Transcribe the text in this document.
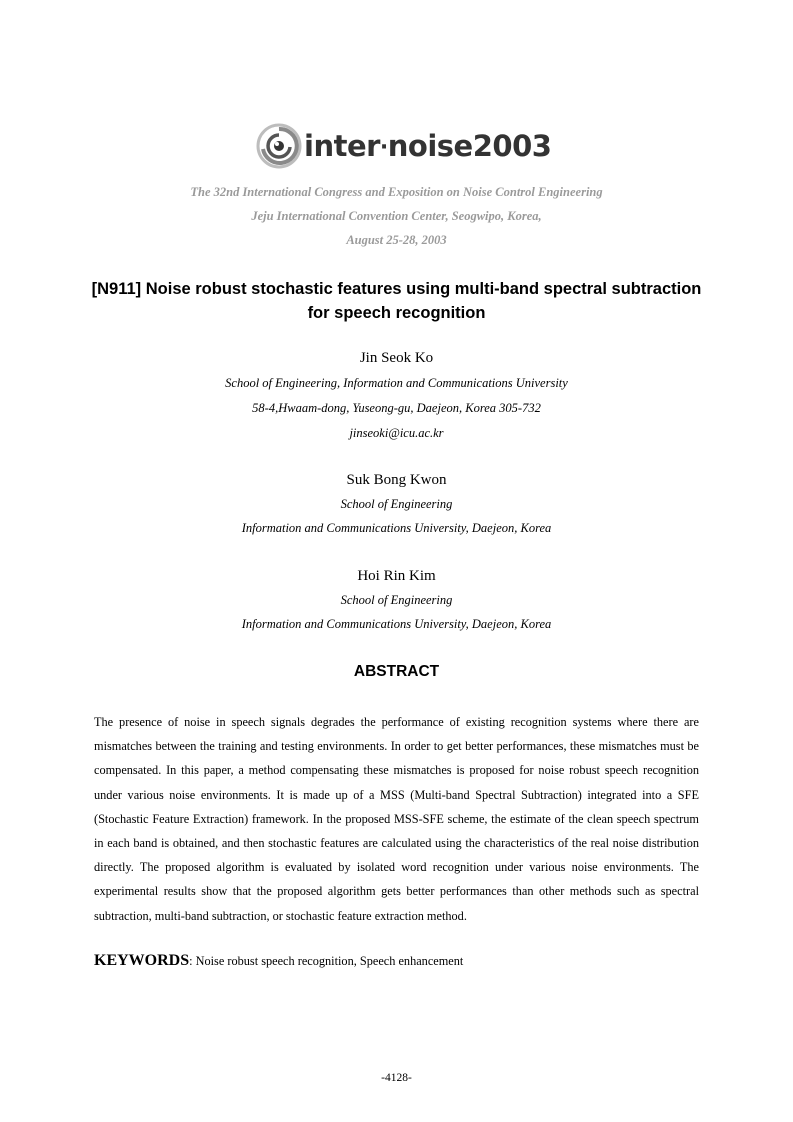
inter·noise2003
The 32nd International Congress and Exposition on Noise Control Engineering
Jeju International Convention Center, Seogwipo, Korea,
August 25-28, 2003
[N911] Noise robust stochastic features using multi-band spectral subtraction
for speech recognition
Jin Seok Ko
School of Engineering, Information and Communications University
58-4,Hwaam-dong, Yuseong-gu, Daejeon, Korea 305-732
jinseoki@icu.ac.kr
Suk Bong Kwon
School of Engineering
Information and Communications University, Daejeon, Korea
Hoi Rin Kim
School of Engineering
Information and Communications University, Daejeon, Korea
ABSTRACT
The presence of noise in speech signals degrades the performance of existing recognition systems where there are mismatches between the training and testing environments. In order to get better performances, these mismatches must be compensated. In this paper, a method compensating these mismatches is proposed for noise robust speech recognition under various noise environments. It is made up of a MSS (Multi-band Spectral Subtraction) integrated into a SFE (Stochastic Feature Extraction) framework. In the proposed MSS-SFE scheme, the estimate of the clean speech spectrum in each band is obtained, and then stochastic features are calculated using the characteristics of the real noise distribution directly. The proposed algorithm is evaluated by isolated word recognition under various noise environments. The experimental results show that the proposed algorithm gets better performances than other methods such as spectral subtraction, multi-band subtraction, or stochastic feature extraction method.
KEYWORDS: Noise robust speech recognition, Speech enhancement
-4128-
